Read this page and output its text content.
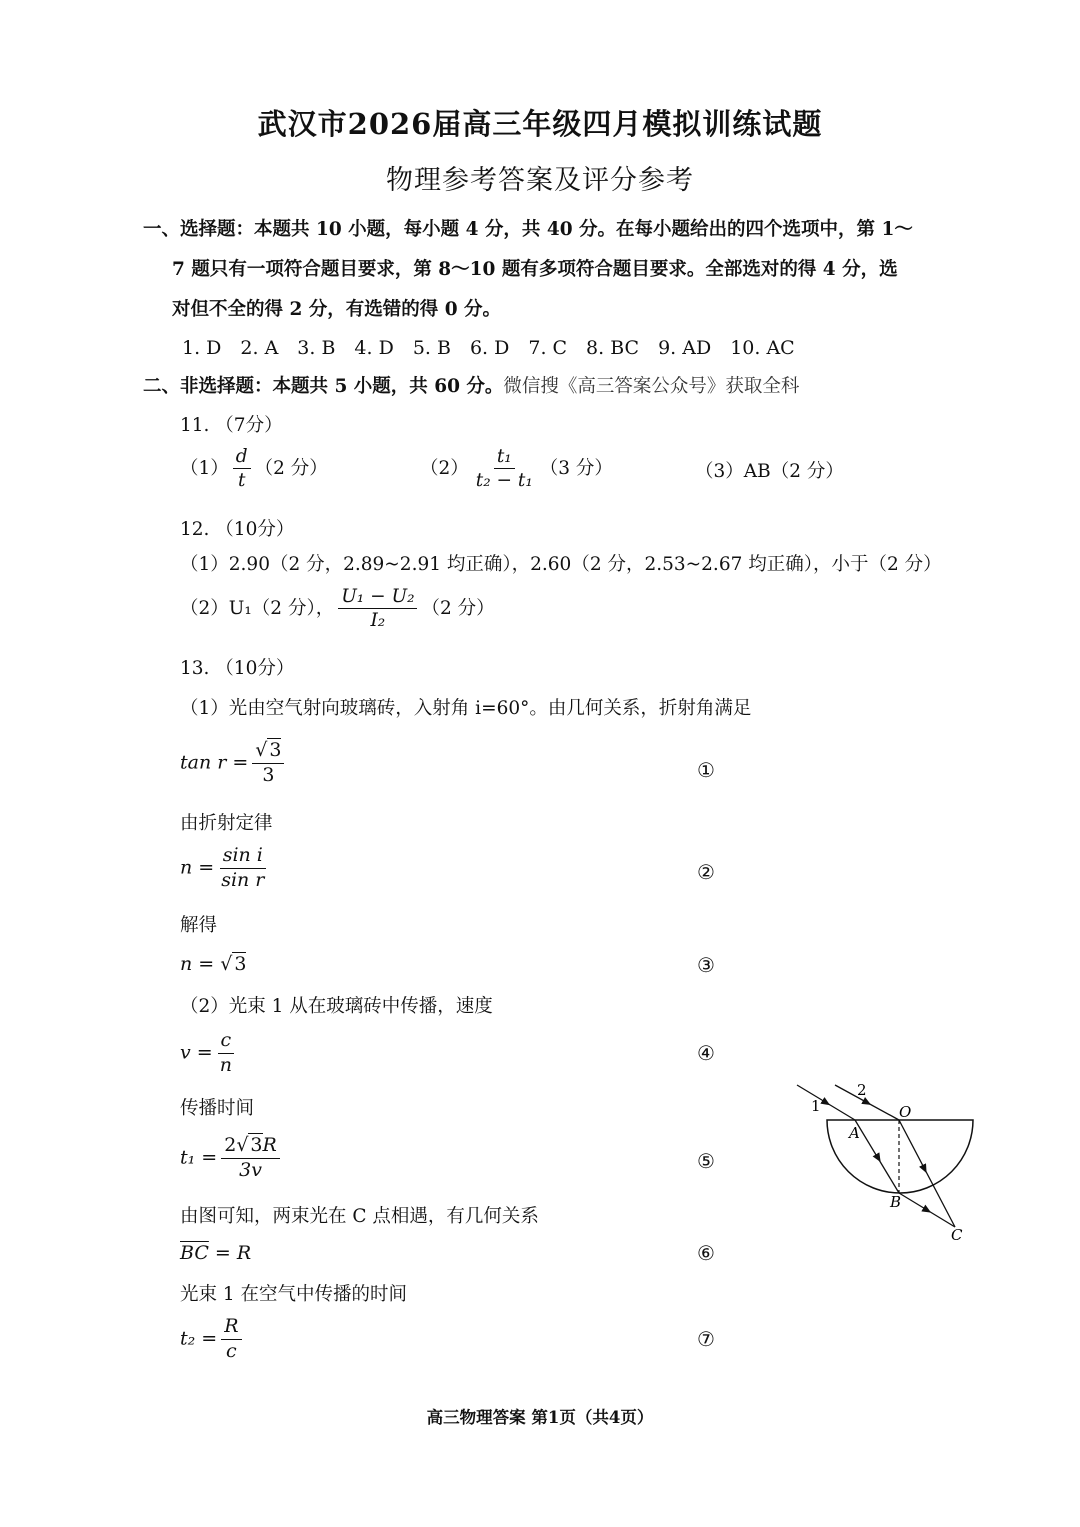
武汉市2026届高三年级四月模拟训练试题
物理参考答案及评分参考
一、选择题：本题共 10 小题，每小题 4 分，共 40 分。在每小题给出的四个选项中，第 1～
7 题只有一项符合题目要求，第 8～10 题有多项符合题目要求。全部选对的得 4 分，选
对但不全的得 2 分，有选错的得 0 分。
1. D　2. A　3. B　4. D　5. B　6. D　7. C　8. BC　9. AD　10. AC
二、非选择题：本题共 5 小题，共 60 分。微信搜《高三答案公众号》获取全科
11. （7分）
$(1) \frac{d}{t} (2$ 分）	$(2) \frac{\text{t₁}}{\text{t₂ − t₁}} (3$ 分）	（3）AB（2 分）
12. （10分）
（1）2.90（2 分，2.89~2.91 均正确），2.60（2 分，2.53~2.67 均正确），小于（2 分）
（2）U₁（2 分）， $\frac{\text{U₁ − U₂}}{\text{I₂}} (2$ 分）
13. （10分）
（1）光由空气射向玻璃砖，入射角 i=60°。由几何关系，折射角满足
$\tan r = \frac{√ 3}{3}$	①
由折射定律
$n = \frac{\text{sin i}}{\text{sin r}}$	②
解得
n = √ 3	③
（2）光束 1 从在玻璃砖中传播，速度
$v = \frac{c}{n}$	④
传播时间
$t_1 = \frac{2√ 3R}{3v}$	⑤
由图可知，两束光在 C 点相遇，有几何关系
$\overline{BC} = R$	⑥
光束 1 在空气中传播的时间
$t_2 = \frac{R}{c}$	⑦
1
2
O
A
B
C
高三物理答案 第1页（共4页）
